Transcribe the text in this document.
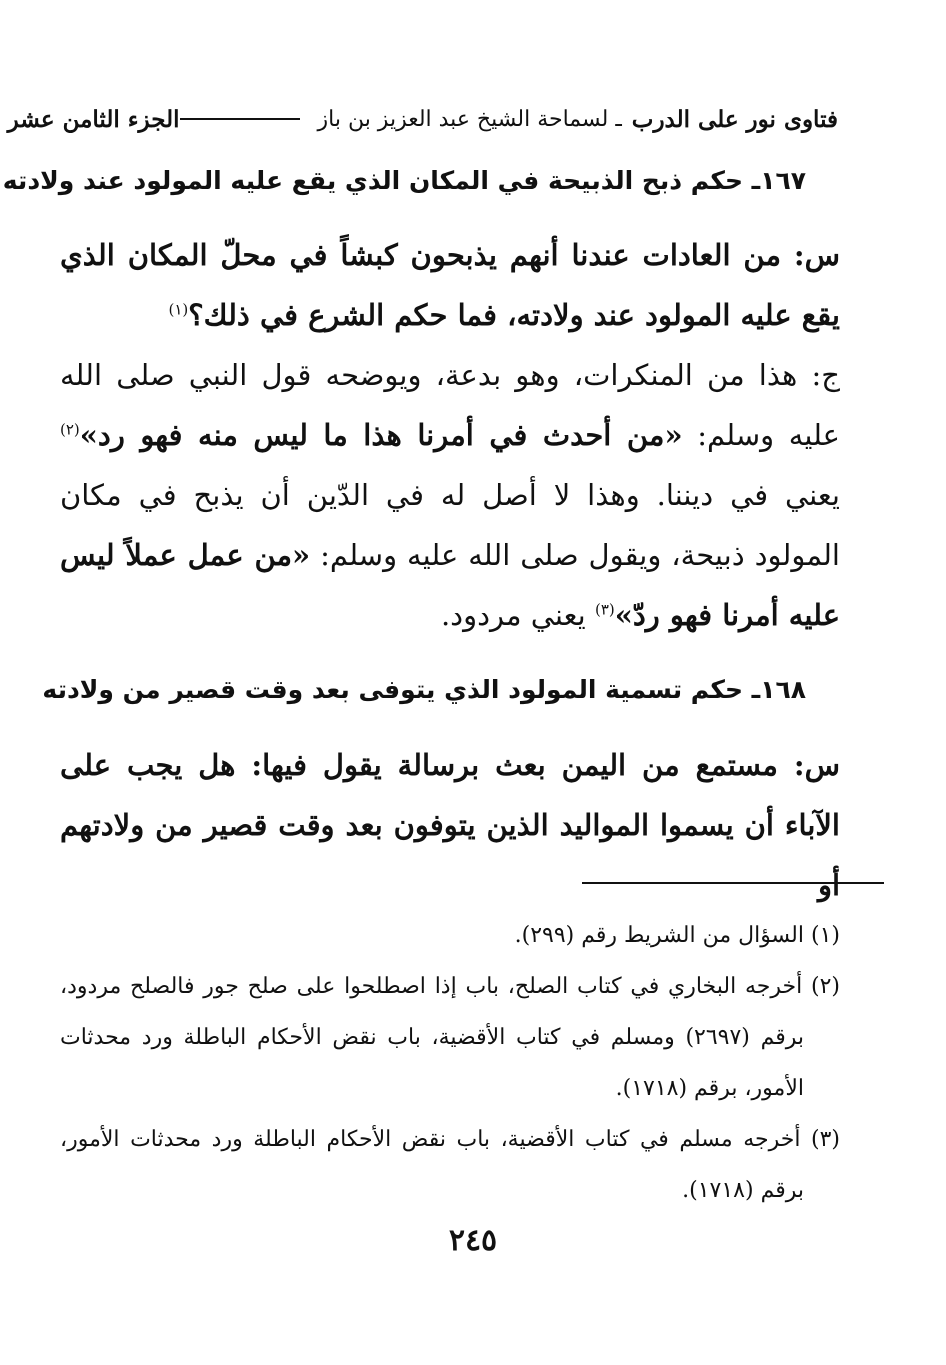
فتاوى نور على الدرب
ـ لسماحة الشيخ عبد العزيز بن باز
الجزء الثامن عشر
١٦٧ـ حكم ذبح الذبيحة في المكان الذي يقع عليه المولود عند ولادته
س: من العادات عندنا أنهم يذبحون كبشاً في محلّ المكان الذي يقع عليه المولود عند ولادته، فما حكم الشرع في ذلك؟$^{(١)}$
ج: هذا من المنكرات، وهو بدعة، ويوضحه قول النبي صلى الله عليه وسلم: «من أحدث في أمرنا هذا ما ليس منه فهو رد»$^{(٢)}$ يعني في ديننا. وهذا لا أصل له في الدّين أن يذبح في مكان المولود ذبيحة، ويقول صلى الله عليه وسلم: «من عمل عملاً ليس عليه أمرنا فهو ردّ»$^{(٣)}$ يعني مردود.
١٦٨ـ حكم تسمية المولود الذي يتوفى بعد وقت قصير من ولادته
س: مستمع من اليمن بعث برسالة يقول فيها: هل يجب على الآباء أن يسموا المواليد الذين يتوفون بعد وقت قصير من ولادتهم أو

(١) السؤال من الشريط رقم (٢٩٩).

(٢) أخرجه البخاري في كتاب الصلح، باب إذا اصطلحوا على صلح جور فالصلح مردود، برقم (٢٦٩٧) ومسلم في كتاب الأقضية، باب نقض الأحكام الباطلة ورد محدثات الأمور، برقم (١٧١٨).

(٣) أخرجه مسلم في كتاب الأقضية، باب نقض الأحكام الباطلة ورد محدثات الأمور، برقم (١٧١٨).

٢٤٥
